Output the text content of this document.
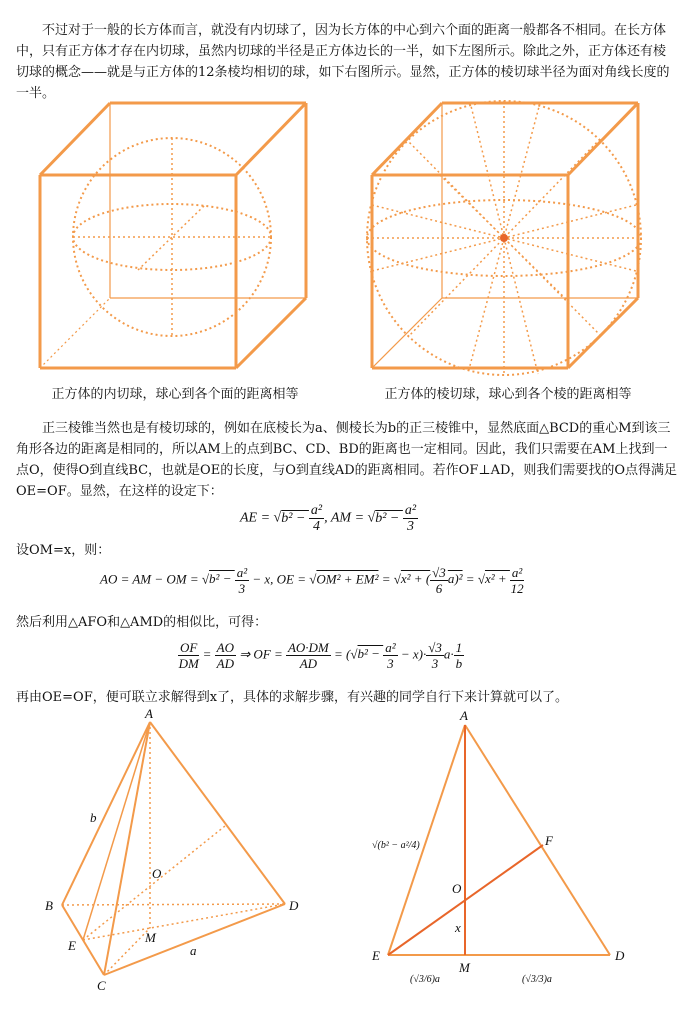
不过对于一般的长方体而言，就没有内切球了，因为长方体的中心到六个面的距离一般都各不相同。在长方体中，只有正方体才存在内切球，虽然内切球的半径是正方体边长的一半，如下左图所示。除此之外，正方体还有棱切球的概念——就是与正方体的12条棱均相切的球，如下右图所示。显然，正方体的棱切球半径为面对角线长度的一半。

正方体的内切球，球心到各个面的距离相等	正方体的棱切球，球心到各个棱的距离相等

正三棱锥当然也是有棱切球的，例如在底棱长为a、侧棱长为b的正三棱锥中，显然底面△BCD的重心M到该三角形各边的距离是相同的，所以AM上的点到BC、CD、BD的距离也一定相同。因此，我们只需要在AM上找到一点O，使得O到直线BC，也就是OE的长度，与O到直线AD的距离相同。若作OF⊥AD，则我们需要找的O点得满足OE=OF。显然，在这样的设定下：

AE = $√b^2 - \frac{\text{a²}}{4}$ , AM = $√b^2 - \frac{\text{a²}}{3}$

设OM=x，则：

AO = AM − OM = $√b^2 - \frac{\text{a²}}{3} - x$, OE = √OM² + EM² = √x² + ( $\frac{√3}{6} a)^2 = √x^2 + \frac{\text{a²}}{12}$

然后利用△AFO和△AMD的相似比，可得：

$\frac{OF}{DM} = \frac{AO}{AD}$ ⇒ OF = $\frac{AO\cdot DM}{AD} = (√b^2 - \frac{\text{a²}}{3} - x)\cdot \frac{√3}{3} a\cdot \frac{1}{b}$

再由OE=OF，便可联立求解得到x了，具体的求解步骤，有兴趣的同学自行下来计算就可以了。

A
B
C
D
E
M
O
a
b
A
E	D
M
O
F
x
√(b² − a²/4)
(√3/6)a	(√3/3)a
